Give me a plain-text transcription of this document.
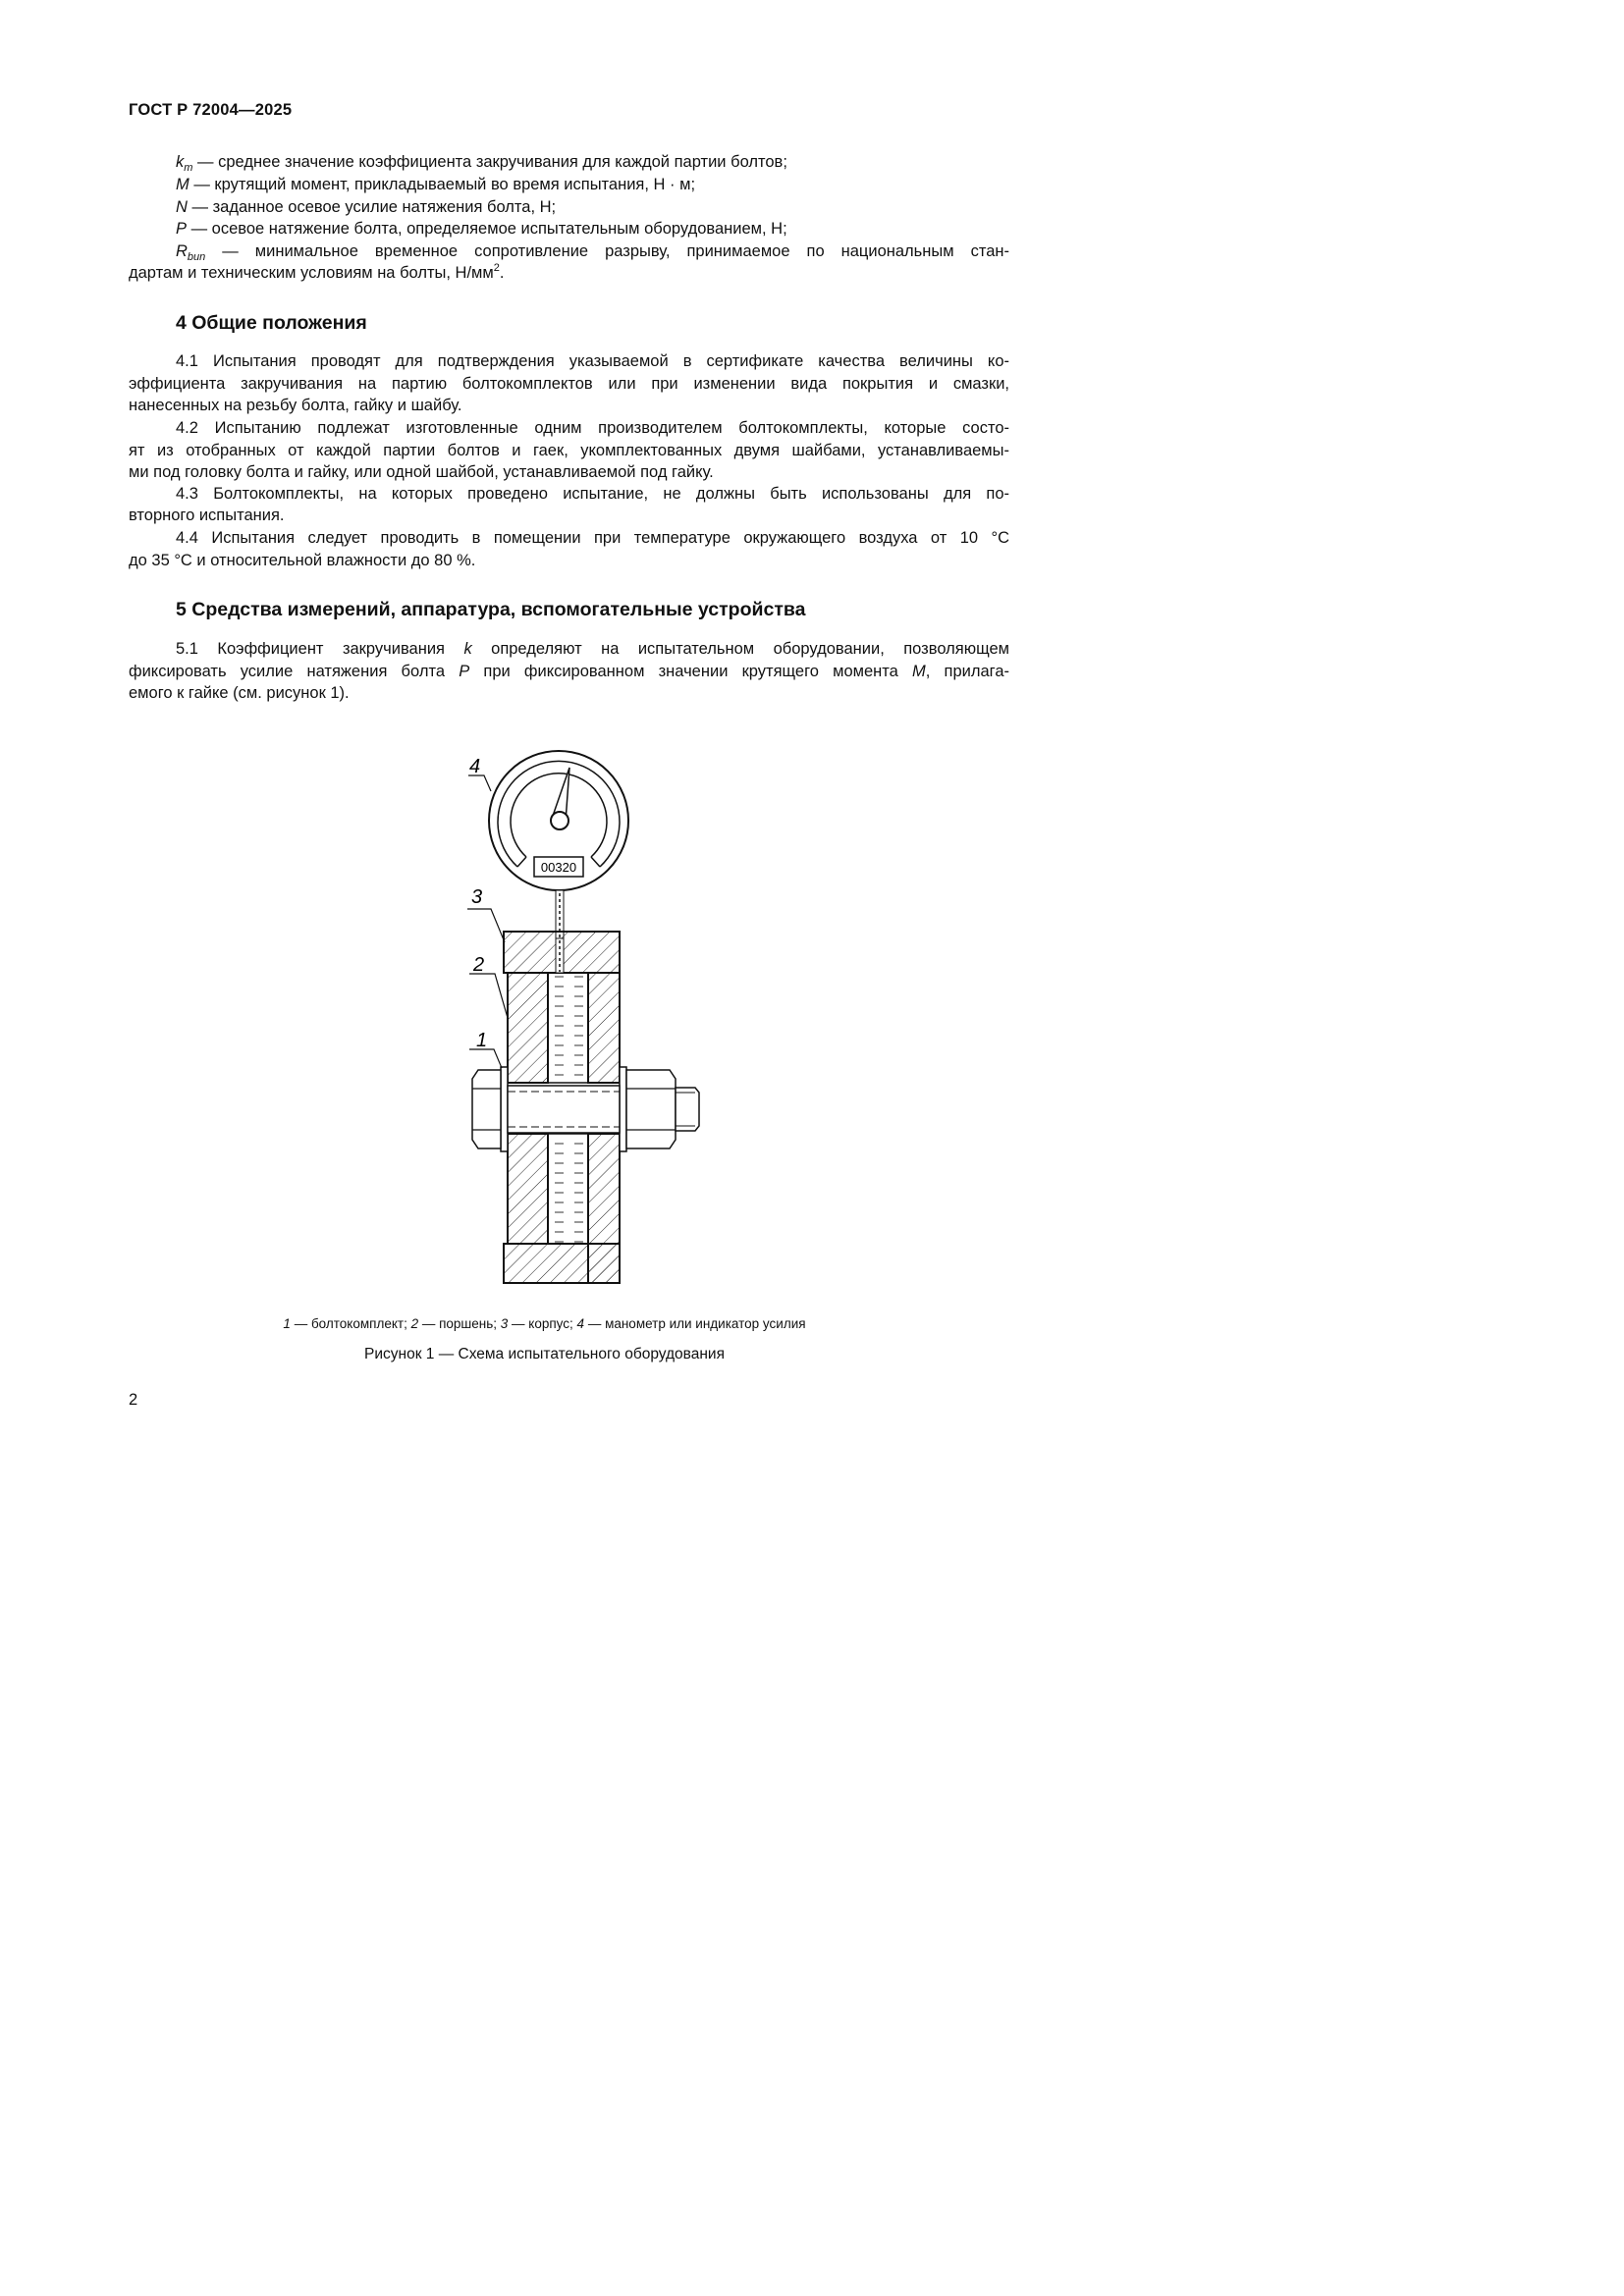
ГОСТ Р 72004—2025
$k_m$ — среднее значение коэффициента закручивания для каждой партии болтов;
M — крутящий момент, прикладываемый во время испытания, Н · м;
N — заданное осевое усилие натяжения болта, Н;
P — осевое натяжение болта, определяемое испытательным оборудованием, Н;
$R_{bun}$ — минимальное временное сопротивление разрыву, принимаемое по национальным стан-
дартам и техническим условиям на болты, $Н/мм^2$.
4 Общие положения
4.1 Испытания проводят для подтверждения указываемой в сертификате качества величины ко-
эффициента закручивания на партию болтокомплектов или при изменении вида покрытия и смазки,
нанесенных на резьбу болта, гайку и шайбу.
4.2 Испытанию подлежат изготовленные одним производителем болтокомплекты, которые состо-
ят из отобранных от каждой партии болтов и гаек, укомплектованных двумя шайбами, устанавливаемы-
ми под головку болта и гайку, или одной шайбой, устанавливаемой под гайку.
4.3 Болтокомплекты, на которых проведено испытание, не должны быть использованы для по-
вторного испытания.
4.4 Испытания следует проводить в помещении при температуре окружающего воздуха от 10 °C
до 35 °C и относительной влажности до 80 %.
5 Средства измерений, аппаратура, вспомогательные устройства
5.1 Коэффициент закручивания k определяют на испытательном оборудовании, позволяющем
фиксировать усилие натяжения болта P при фиксированном значении крутящего момента M, прилага-
емого к гайке (см. рисунок 1).
00320
4
3
2
1
1 — болтокомплект; 2 — поршень; 3 — корпус; 4 — манометр или индикатор усилия
Рисунок 1 — Схема испытательного оборудования
2
